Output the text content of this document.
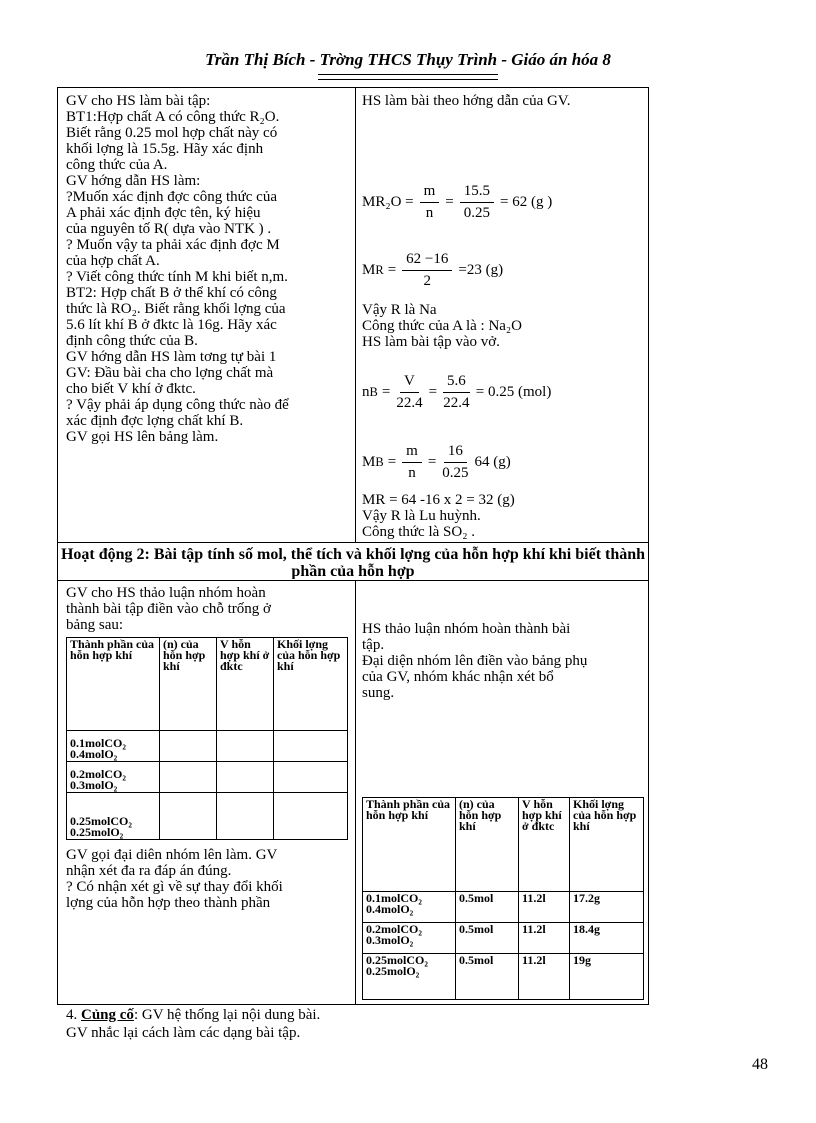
Trần Thị Bích - Trờng THCS Thụy Trình - Giáo án hóa 8

GV cho HS làm bài tập:

BT1:Hợp chất A có công thức R₂O.

Biết rằng 0.25 mol hợp chất này có

khối lợng là 15.5g. Hãy xác định

công thức của A.

GV hớng dẫn HS làm:

?Muốn xác định đợc công thức của

A phải xác định đợc tên, ký hiệu

của nguyên tố R( dựa vào NTK ) .

? Muốn vậy ta phải xác định đợc M

của hợp chất A.

? Viết công thức tính M khi biết n,m.

BT2: Hợp chất B ở thể khí có công

thức là RO₂. Biết rằng khối lợng của

5.6 lít khí B ở đktc là 16g. Hãy xác

định công thức của B.

GV hớng dẫn HS làm tơng tự bài 1

GV: Đầu bài cha cho lợng chất mà

cho biết V khí ở đktc.

? Vậy phải áp dụng công thức nào để

xác định đợc lợng chất khí B.

GV gọi HS lên bảng làm.

HS làm bài theo hớng dẫn của GV.
$MR_2O = \frac{m}{n} = \frac{15.5}{0.25} = 62$ (g )
M $R = \frac{62 -16}{2} =23$ (g)

Vậy R là Na

Công thức của A là : Na₂O

HS làm bài tập vào vở.

n $B = \frac{V}{22.4} = \frac{5.6}{22.4} = 0.25$ (mol)
M $B = \frac{m}{n} = \frac{16}{0.25} 64$ (g)

MR = 64 -16 x 2 = 32 (g)

Vậy R là Lu huỳnh.

Công thức là SO₂ .

Hoạt động 2: Bài tập tính số mol, thể tích và khối lợng của hỗn hợp khí khi biết thành phần của hỗn hợp

GV cho HS thảo luận nhóm hoàn

thành bài tập điền vào chỗ trống ở

bảng sau:

Thành phần của hỗn hợp khí	(n) của hỗn hợp khí	V hỗn hợp khí ở đktc	Khối lợng của hỗn hợp khí
0.1molCO₂ 0.4molO₂			
0.2molCO₂ 0.3molO₂			
0.25molCO₂ 0.25molO₂			

GV gọi đại diên nhóm lên làm. GV

nhận xét đa ra đáp án đúng.

? Có nhận xét gì về sự thay đổi khối

lợng của hỗn hợp theo thành phần

HS thảo luận nhóm hoàn thành bài

tập.

Đại diện nhóm lên điền vào bảng phụ

của GV, nhóm khác nhận xét bổ

sung.

Thành phần của hỗn hợp khí	(n) của hỗn hợp khí	V hỗn hợp khí ở đktc	Khối lợng của hỗn hợp khí
0.1molCO₂ 0.4molO₂	0.5mol	11.2l	17.2g
0.2molCO₂ 0.3molO₂	0.5mol	11.2l	18.4g
0.25molCO₂ 0.25molO₂	0.5mol	11.2l	19g
4. Củng cố: GV hệ thống lại nội dung bài.
GV nhắc lại cách làm các dạng bài tập.
48
